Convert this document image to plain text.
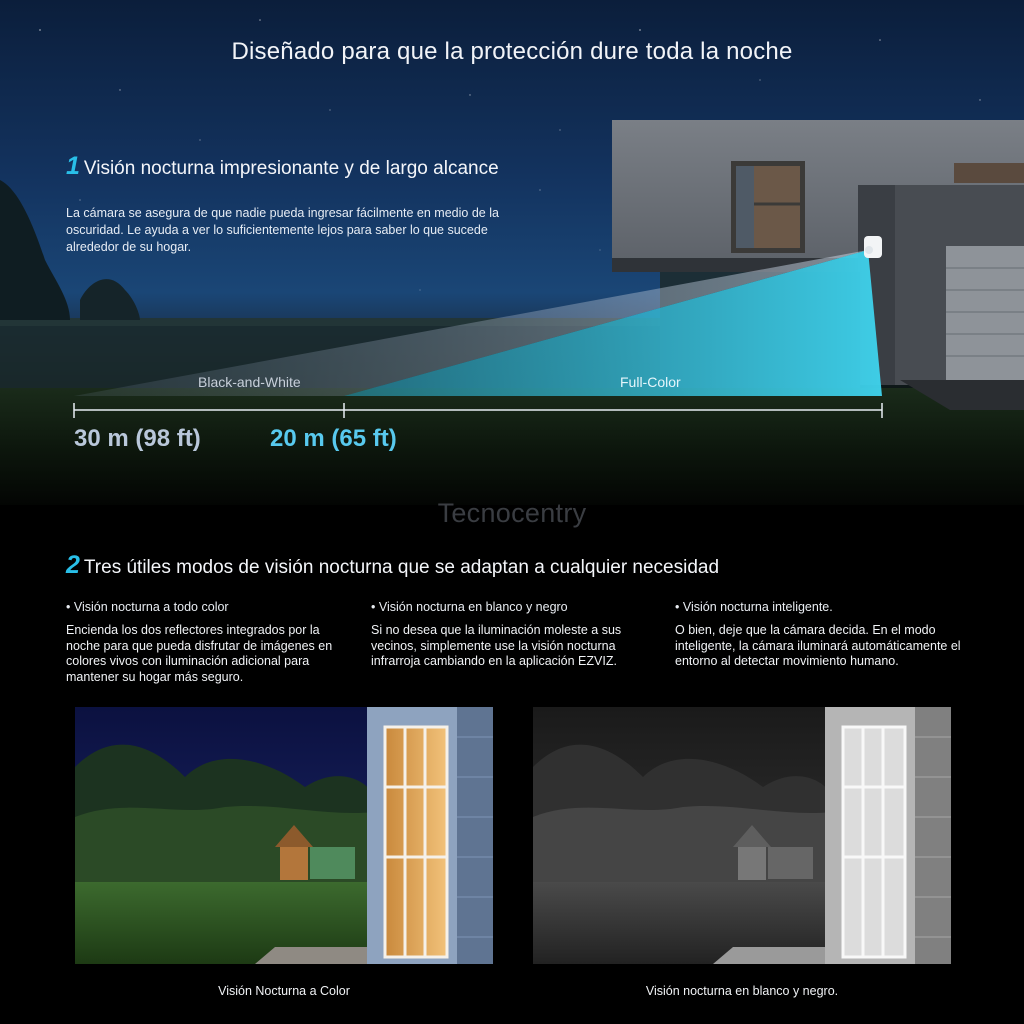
Diseñado para que la protección dure toda la noche
1 Visión nocturna impresionante y de largo alcance

La cámara se asegura de que nadie pueda ingresar fácilmente en medio de la oscuridad. Le ayuda a ver lo suficientemente lejos para saber lo que sucede alrededor de su hogar.

Black-and-White	Full-Color
30 m (98 ft)	20 m (65 ft)
Tecnocentry
2 Tres útiles modos de visión nocturna que se adaptan a cualquier necesidad

• Visión nocturna a todo color

Encienda los dos reflectores integrados por la noche para que pueda disfrutar de imágenes en colores vivos con iluminación adicional para mantener su hogar más seguro.

• Visión nocturna en blanco y negro

Si no desea que la iluminación moleste a sus vecinos, simplemente use la visión nocturna infrarroja cambiando en la aplicación EZVIZ.

• Visión nocturna inteligente.

O bien, deje que la cámara decida. En el modo inteligente, la cámara iluminará automáticamente el entorno al detectar movimiento humano.

Visión Nocturna a Color	Visión nocturna en blanco y negro.
